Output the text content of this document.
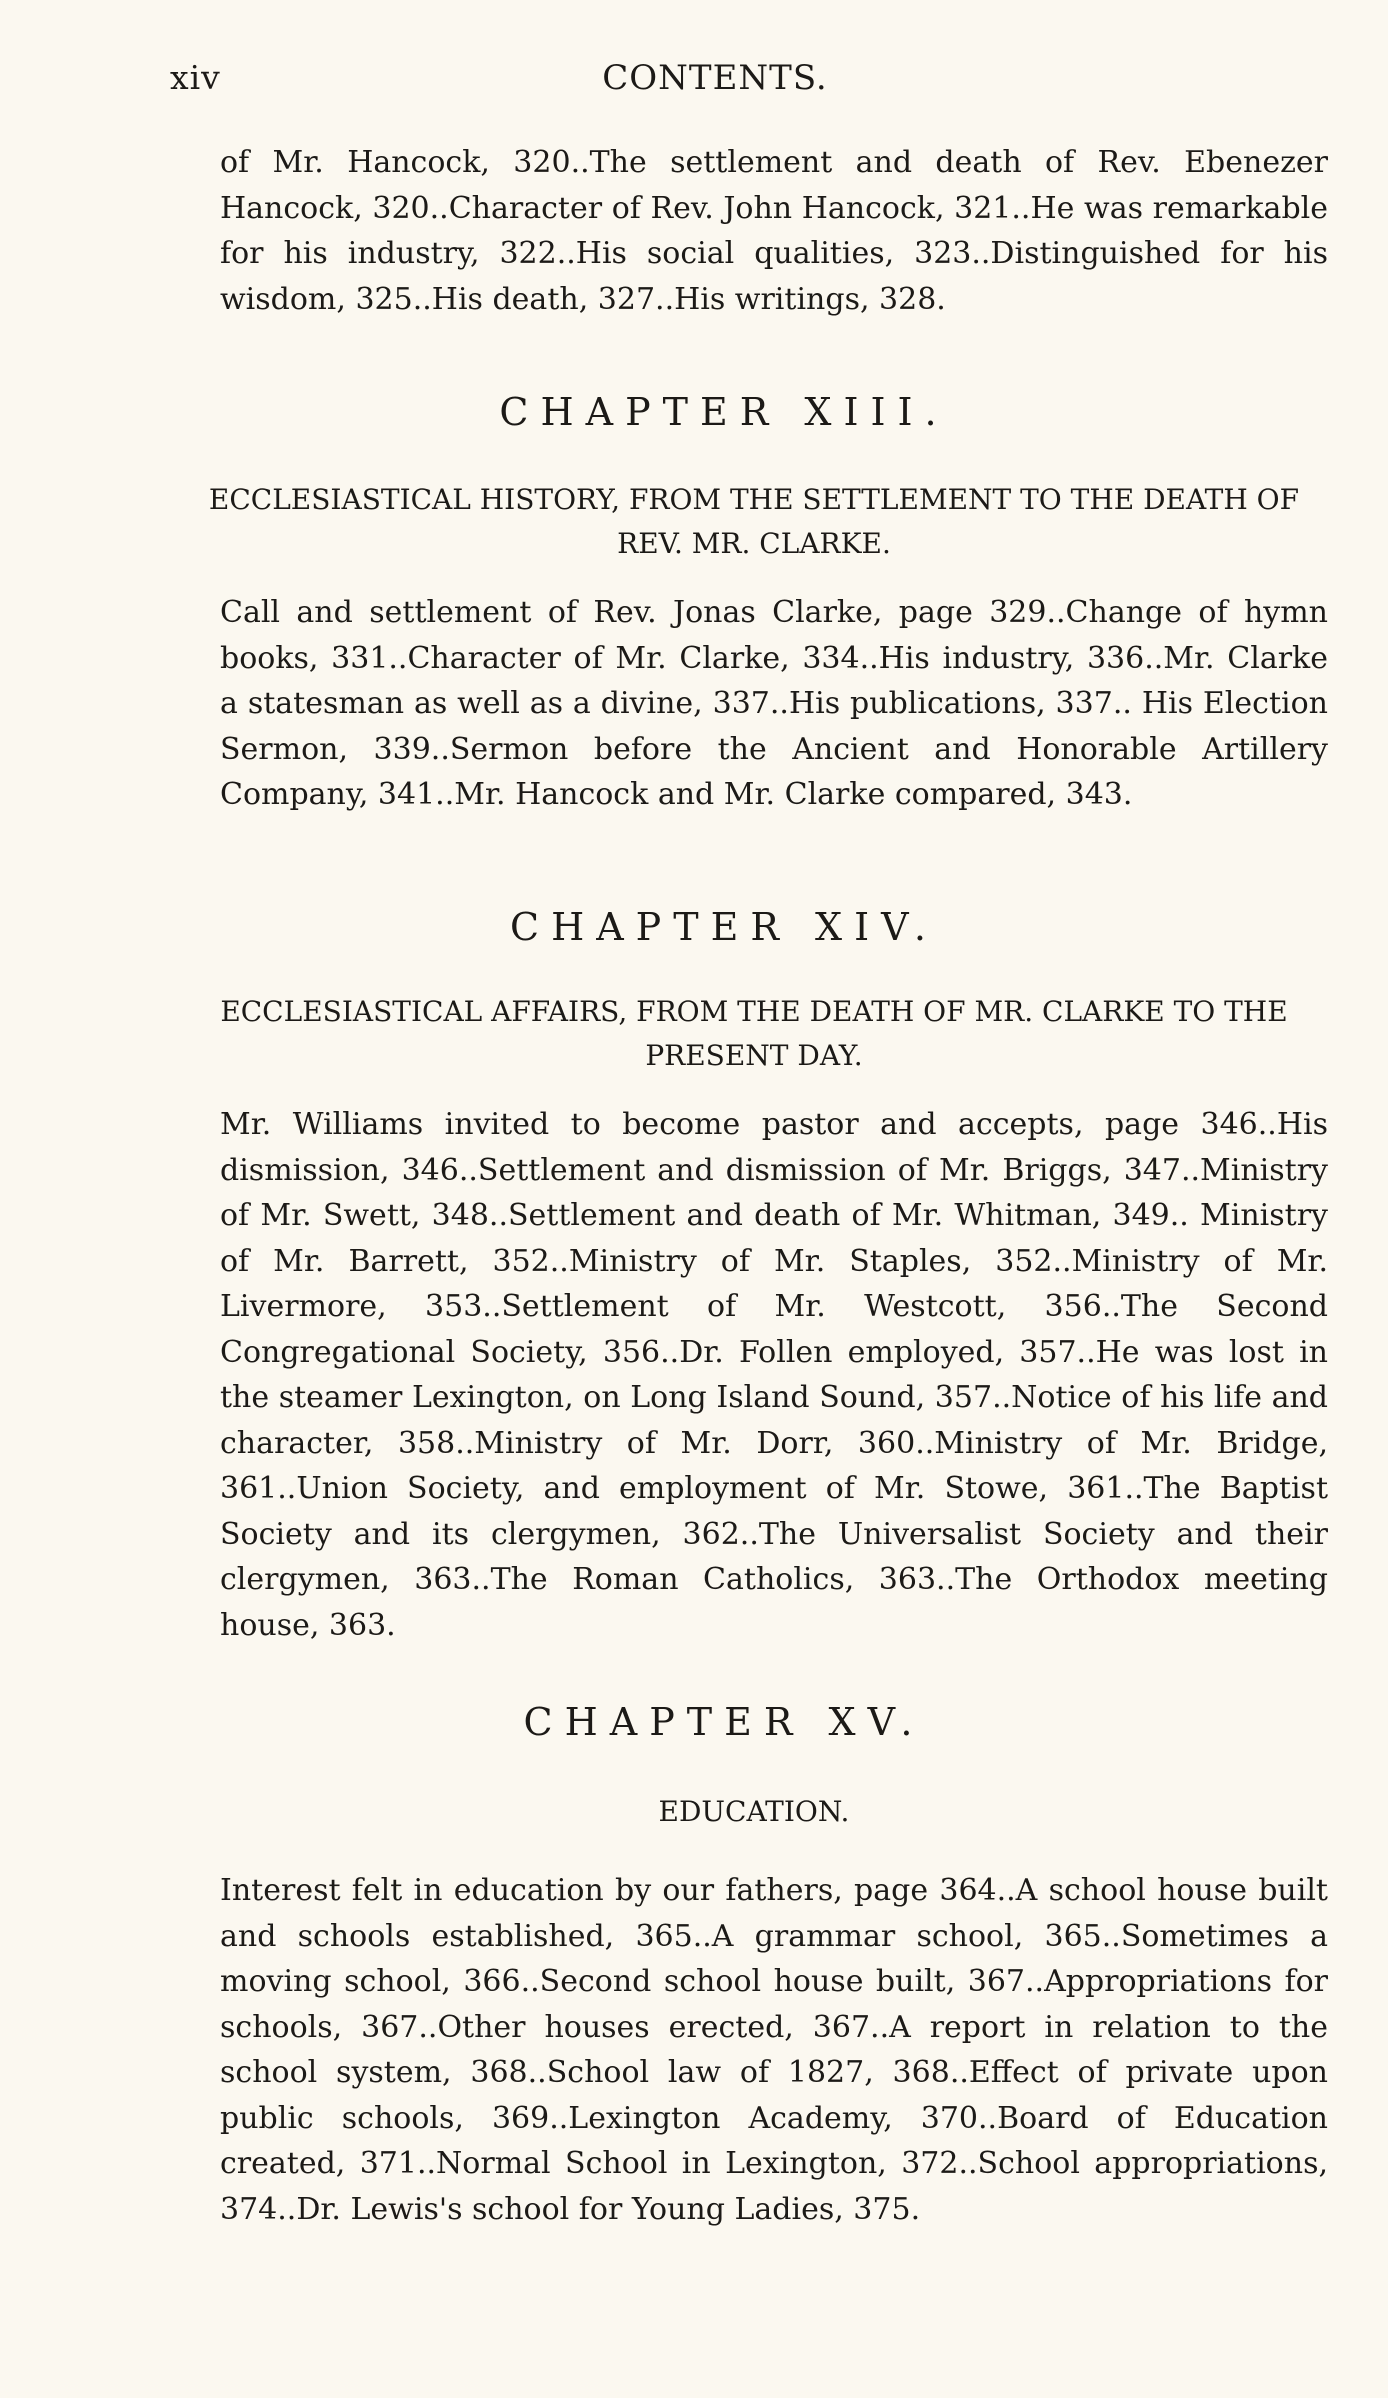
xiv	CONTENTS.

of Mr. Hancock, 320..The settlement and death of Rev. Ebenezer Hancock, 320..Character of Rev. John Hancock, 321..He was remarkable for his industry, 322..His social qualities, 323..Distinguished for his wisdom, 325..His death, 327..His writings, 328.

CHAPTER XIII.

ECCLESIASTICAL HISTORY, FROM THE SETTLEMENT TO THE DEATH OF REV. MR. CLARKE.

Call and settlement of Rev. Jonas Clarke, page 329..Change of hymn books, 331..Character of Mr. Clarke, 334..His industry, 336..Mr. Clarke a statesman as well as a divine, 337..His publications, 337.. His Election Sermon, 339..Sermon before the Ancient and Honorable Artillery Company, 341..Mr. Hancock and Mr. Clarke compared, 343.

CHAPTER XIV.

ECCLESIASTICAL AFFAIRS, FROM THE DEATH OF MR. CLARKE TO THE PRESENT DAY.

Mr. Williams invited to become pastor and accepts, page 346..His dismission, 346..Settlement and dismission of Mr. Briggs, 347..Ministry of Mr. Swett, 348..Settlement and death of Mr. Whitman, 349.. Ministry of Mr. Barrett, 352..Ministry of Mr. Staples, 352..Ministry of Mr. Livermore, 353..Settlement of Mr. Westcott, 356..The Second Congregational Society, 356..Dr. Follen employed, 357..He was lost in the steamer Lexington, on Long Island Sound, 357..Notice of his life and character, 358..Ministry of Mr. Dorr, 360..Ministry of Mr. Bridge, 361..Union Society, and employment of Mr. Stowe, 361..The Baptist Society and its clergymen, 362..The Universalist Society and their clergymen, 363..The Roman Catholics, 363..The Orthodox meeting house, 363.

CHAPTER XV.

EDUCATION.

Interest felt in education by our fathers, page 364..A school house built and schools established, 365..A grammar school, 365..Sometimes a moving school, 366..Second school house built, 367..Appropriations for schools, 367..Other houses erected, 367..A report in relation to the school system, 368..School law of 1827, 368..Effect of private upon public schools, 369..Lexington Academy, 370..Board of Education created, 371..Normal School in Lexington, 372..School appropriations, 374..Dr. Lewis's school for Young Ladies, 375.
